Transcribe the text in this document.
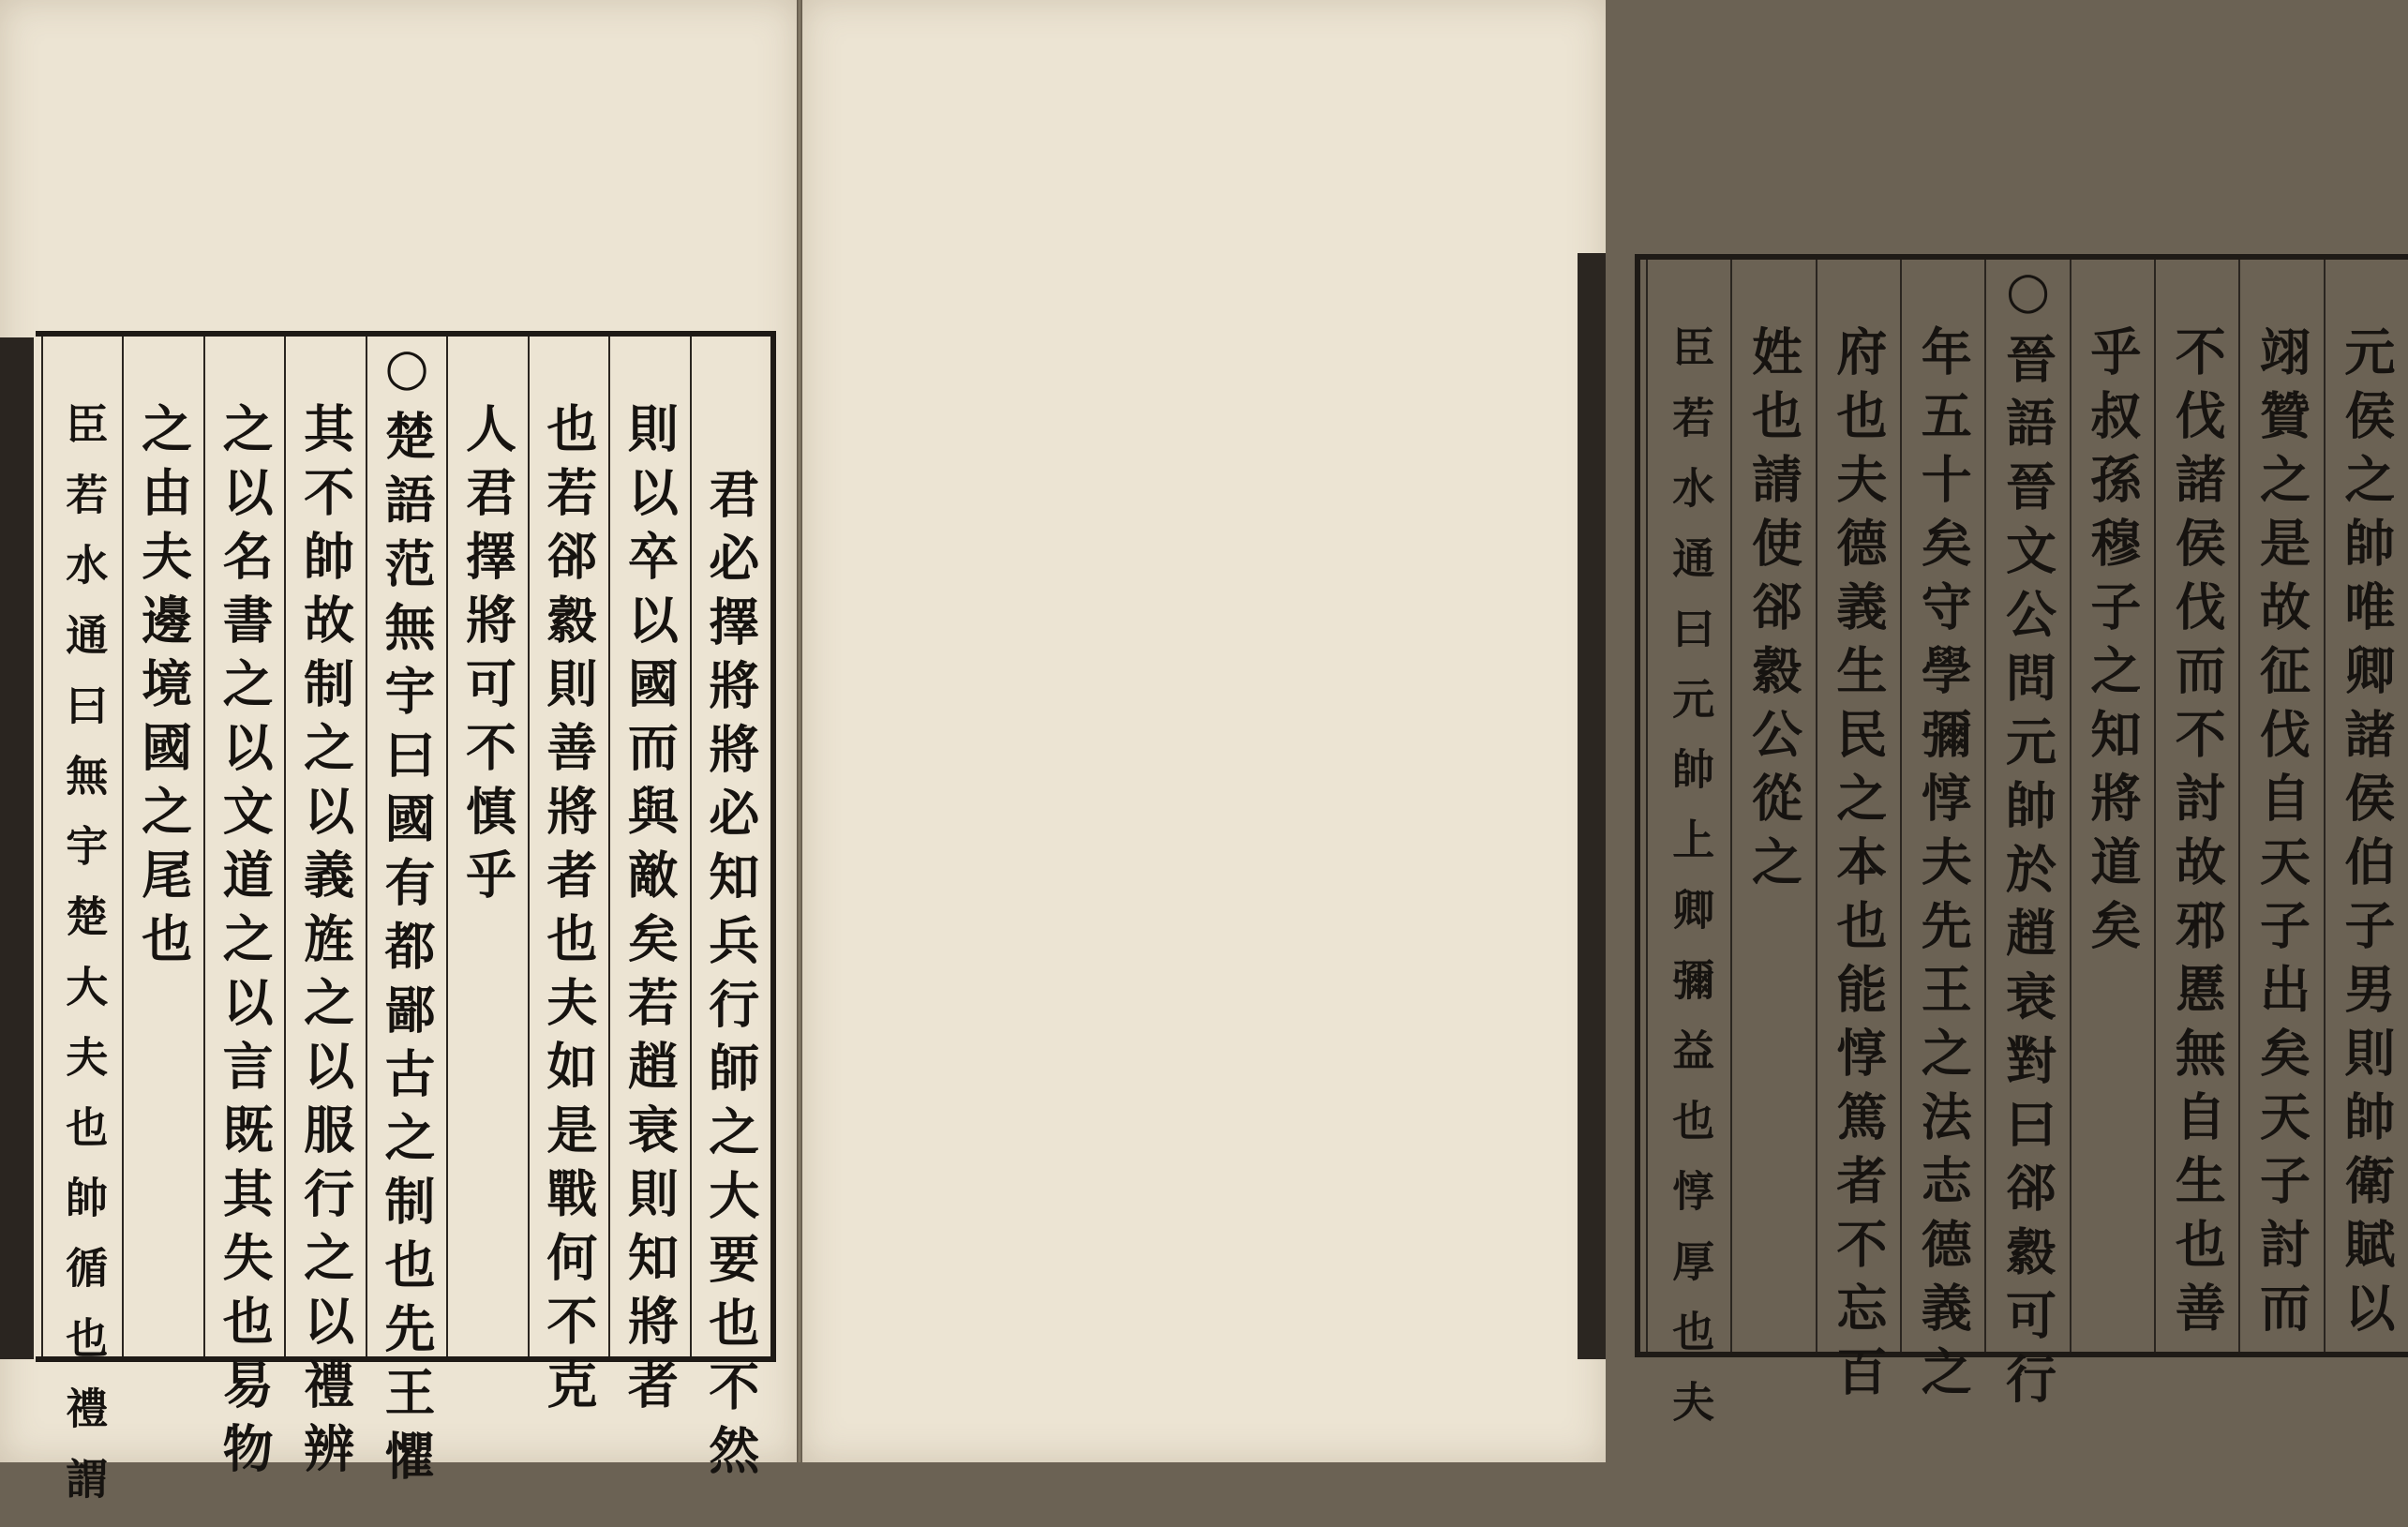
君必擇將將必知兵行師之大要也不然
則以卒以國而與敵矣若趙衰則知將者
也若郤縠則善將者也夫如是戰何不克
人君擇將可不慎乎
○楚語范無宇曰國有都鄙古之制也先王懼
其不帥故制之以義旌之以服行之以禮辨
之以名書之以文道之以言既其失也易物
之由夫邊境國之尾也
臣若水通曰無宇楚大夫也帥循也禮謂	元侯之帥唯卿諸侯伯子男則帥衛賦以
翊贊之是故征伐自天子出矣天子討而
不伐諸侯伐而不討故邪慝無自生也善
乎叔孫穆子之知將道矣
○晉語晉文公問元帥於趙衰對曰郤縠可行
年五十矣守學彌惇夫先王之法志德義之
府也夫德義生民之本也能惇篤者不忘百
姓也請使郤縠公從之
臣若水通曰元帥上卿彌益也惇厚也夫
